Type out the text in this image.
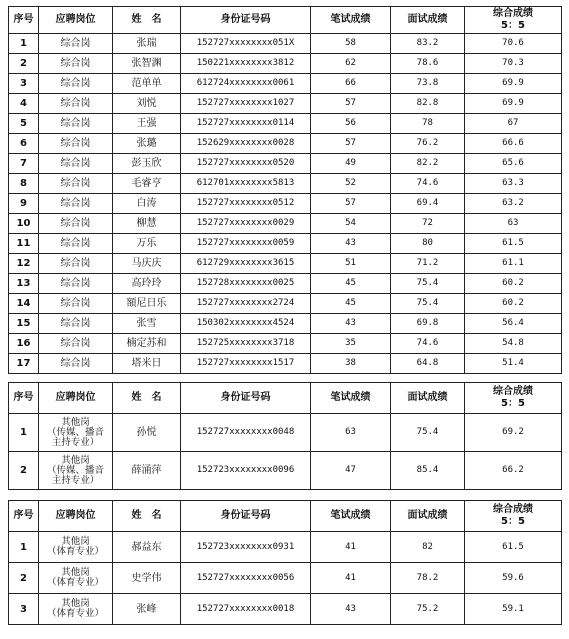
序号	应聘岗位	姓　名	身份证号码	笔试成绩	面试成绩	综合成绩
5：5
1	综合岗	张瑞	152727xxxxxxxx051X	58	83.2	70.6
2	综合岗	张智渊	150221xxxxxxxx3812	62	78.6	70.3
3	综合岗	范单单	612724xxxxxxxx0061	66	73.8	69.9
4	综合岗	刘悦	152727xxxxxxxx1027	57	82.8	69.9
5	综合岗	王强	152727xxxxxxxx0114	56	78	67
6	综合岗	张璐	152629xxxxxxxx0028	57	76.2	66.6
7	综合岗	彭玉欣	152727xxxxxxxx0520	49	82.2	65.6
8	综合岗	毛睿亨	612701xxxxxxxx5813	52	74.6	63.3
9	综合岗	白涛	152727xxxxxxxx0512	57	69.4	63.2
10	综合岗	柳慧	152727xxxxxxxx0029	54	72	63
11	综合岗	万乐	152727xxxxxxxx0059	43	80	61.5
12	综合岗	马庆庆	612729xxxxxxxx3615	51	71.2	61.1
13	综合岗	高玲玲	152728xxxxxxxx0025	45	75.4	60.2
14	综合岗	額尼日乐	152727xxxxxxxx2724	45	75.4	60.2
15	综合岗	张雪	150302xxxxxxxx4524	43	69.8	56.4
16	综合岗	楠定苏和	152725xxxxxxxx3718	35	74.6	54.8
17	综合岗	塔米日	152727xxxxxxxx1517	38	64.8	51.4
序号	应聘岗位	姓　名	身份证号码	笔试成绩	面试成绩	综合成绩
5：5
1	其他岗
（传媒、播音
主持专业）	孙悦	152727xxxxxxxx0048	63	75.4	69.2
2	其他岗
（传媒、播音
主持专业）	薛涌萍	152723xxxxxxxx0096	47	85.4	66.2
序号	应聘岗位	姓　名	身份证号码	笔试成绩	面试成绩	综合成绩
5：5
1	其他岗
（体育专业）	郝益东	152723xxxxxxxx0931	41	82	61.5
2	其他岗
（体育专业）	史学伟	152727xxxxxxxx0056	41	78.2	59.6
3	其他岗
（体育专业）	张峰	152727xxxxxxxx0018	43	75.2	59.1
